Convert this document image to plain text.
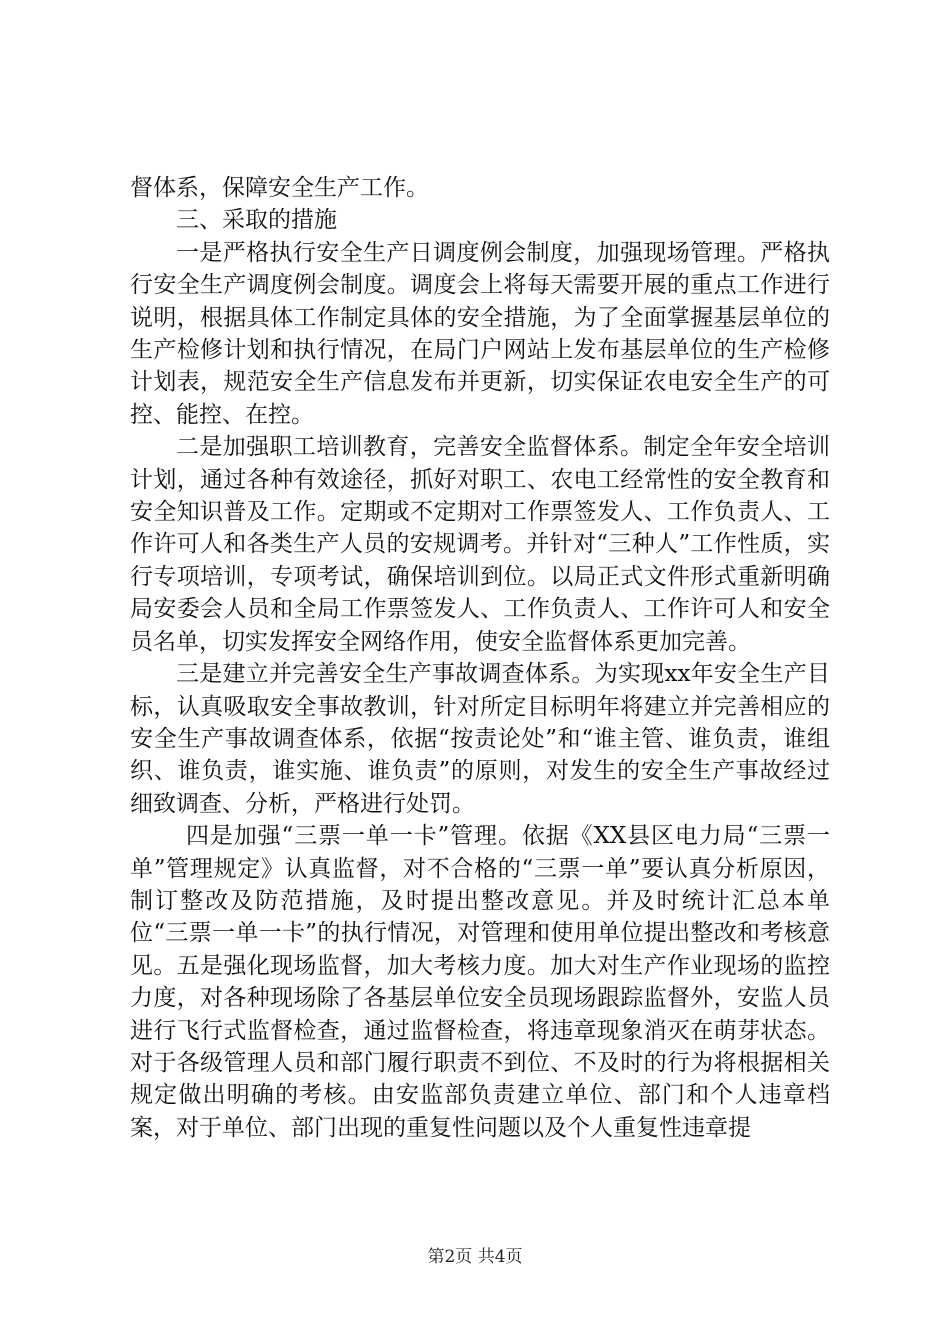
督体系，保障安全生产工作。

三、采取的措施

一是严格执行安全生产日调度例会制度，加强现场管理。严格执行安全生产调度例会制度。调度会上将每天需要开展的重点工作进行说明，根据具体工作制定具体的安全措施，为了全面掌握基层单位的生产检修计划和执行情况，在局门户网站上发布基层单位的生产检修计划表，规范安全生产信息发布并更新，切实保证农电安全生产的可控、能控、在控。

二是加强职工培训教育，完善安全监督体系。制定全年安全培训计划，通过各种有效途径，抓好对职工、农电工经常性的安全教育和安全知识普及工作。定期或不定期对工作票签发人、工作负责人、工作许可人和各类生产人员的安规调考。并针对“三种人”工作性质，实行专项培训，专项考试，确保培训到位。以局正式文件形式重新明确局安委会人员和全局工作票签发人、工作负责人、工作许可人和安全员名单，切实发挥安全网络作用，使安全监督体系更加完善。

三是建立并完善安全生产事故调查体系。为实现xx年安全生产目标，认真吸取安全事故教训，针对所定目标明年将建立并完善相应的安全生产事故调查体系，依据“按责论处”和“谁主管、谁负责，谁组织、谁负责，谁实施、谁负责”的原则，对发生的安全生产事故经过细致调查、分析，严格进行处罚。

四是加强“三票一单一卡”管理。依据《XX县区电力局“三票一单”管理规定》认真监督，对不合格的“三票一单”要认真分析原因，制订整改及防范措施，及时提出整改意见。并及时统计汇总本单位“三票一单一卡”的执行情况，对管理和使用单位提出整改和考核意见。五是强化现场监督，加大考核力度。加大对生产作业现场的监控力度，对各种现场除了各基层单位安全员现场跟踪监督外，安监人员进行飞行式监督检查，通过监督检查，将违章现象消灭在萌芽状态。对于各级管理人员和部门履行职责不到位、不及时的行为将根据相关规定做出明确的考核。由安监部负责建立单位、部门和个人违章档案，对于单位、部门出现的重复性问题以及个人重复性违章提

第2页 共4页
